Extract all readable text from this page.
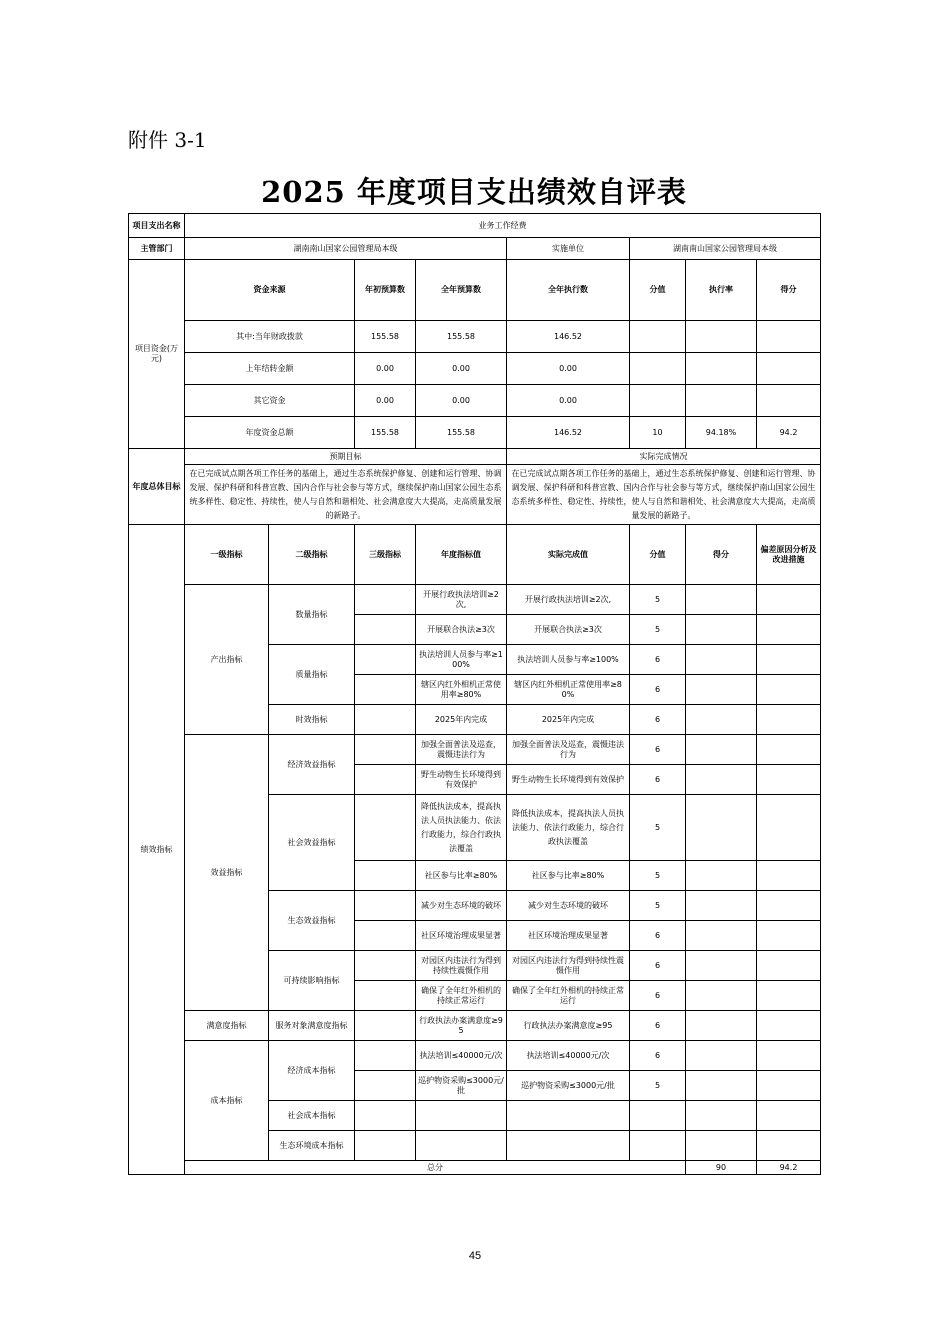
附件 3-1
2025 年度项目支出绩效自评表
项目支出名称	业务工作经费								
主管部门	湖南南山国家公园管理局本级				实施单位	湖南南山国家公园管理局本级			
项目资金(万元)	资金来源		年初预算数	全年预算数	全年执行数	分值	执行率	得分	
	其中:当年财政拨款		155.58	155.58	146.52				
	上年结转金额		0.00	0.00	0.00				
	其它资金		0.00	0.00	0.00				
	年度资金总额		155.58	155.58	146.52	10	94.18%	94.2	
年度总体目标	预期目标				实际完成情况				
	在已完成试点期各项工作任务的基础上，通过生态系统保护修复、创建和运行管理、协调发展、保护科研和科普宣教、国内合作与社会参与等方式，继续保护南山国家公园生态系统多样性、稳定性、持续性，使人与自然和谐相处、社会满意度大大提高，走高质量发展的新路子。				在已完成试点期各项工作任务的基础上，通过生态系统保护修复、创建和运行管理、协调发展、保护科研和科普宣教、国内合作与社会参与等方式，继续保护南山国家公园生态系统多样性、稳定性、持续性，使人与自然和谐相处、社会满意度大大提高，走高质量发展的新路子。				
绩效指标	一级指标	二级指标	三级指标	年度指标值	实际完成值	分值	得分	偏差原因分析及改进措施	
	产出指标	数量指标		开展行政执法培训≥2次,	开展行政执法培训≥2次,	5			
				开展联合执法≥3次	开展联合执法≥3次	5			
		质量指标		执法培训人员参与率≥100%	执法培训人员参与率≥100%	6			
				辖区内红外相机正常使用率≥80%	辖区内红外相机正常使用率≥80%	6			
		时效指标		2025年内完成	2025年内完成	6			
	效益指标	经济效益指标		加强全面普法及巡查，震慑违法行为	加强全面普法及巡查，震慑违法行为	6			
				野生动物生长环境得到有效保护	野生动物生长环境得到有效保护	6			
		社会效益指标		降低执法成本，提高执法人员执法能力、依法行政能力，综合行政执法覆盖	降低执法成本，提高执法人员执法能力、依法行政能力，综合行政执法覆盖	5			
				社区参与比率≥80%	社区参与比率≥80%	5			
		生态效益指标		减少对生态环境的破坏	减少对生态环境的破坏	5			
				社区环境治理成果显著	社区环境治理成果显著	6			
		可持续影响指标		对园区内违法行为得到持续性震慑作用	对园区内违法行为得到持续性震慑作用	6			
				确保了全年红外相机的持续正常运行	确保了全年红外相机的持续正常运行	6			
	满意度指标	服务对象满意度指标		行政执法办案满意度≥95	行政执法办案满意度≥95	6			
	成本指标	经济成本指标		执法培训≤40000元/次	执法培训≤40000元/次	6			
				巡护物资采购≤3000元/批	巡护物资采购≤3000元/批	5			
		社会成本指标							
		生态环境成本指标							
	总分						90	94.2	
45
